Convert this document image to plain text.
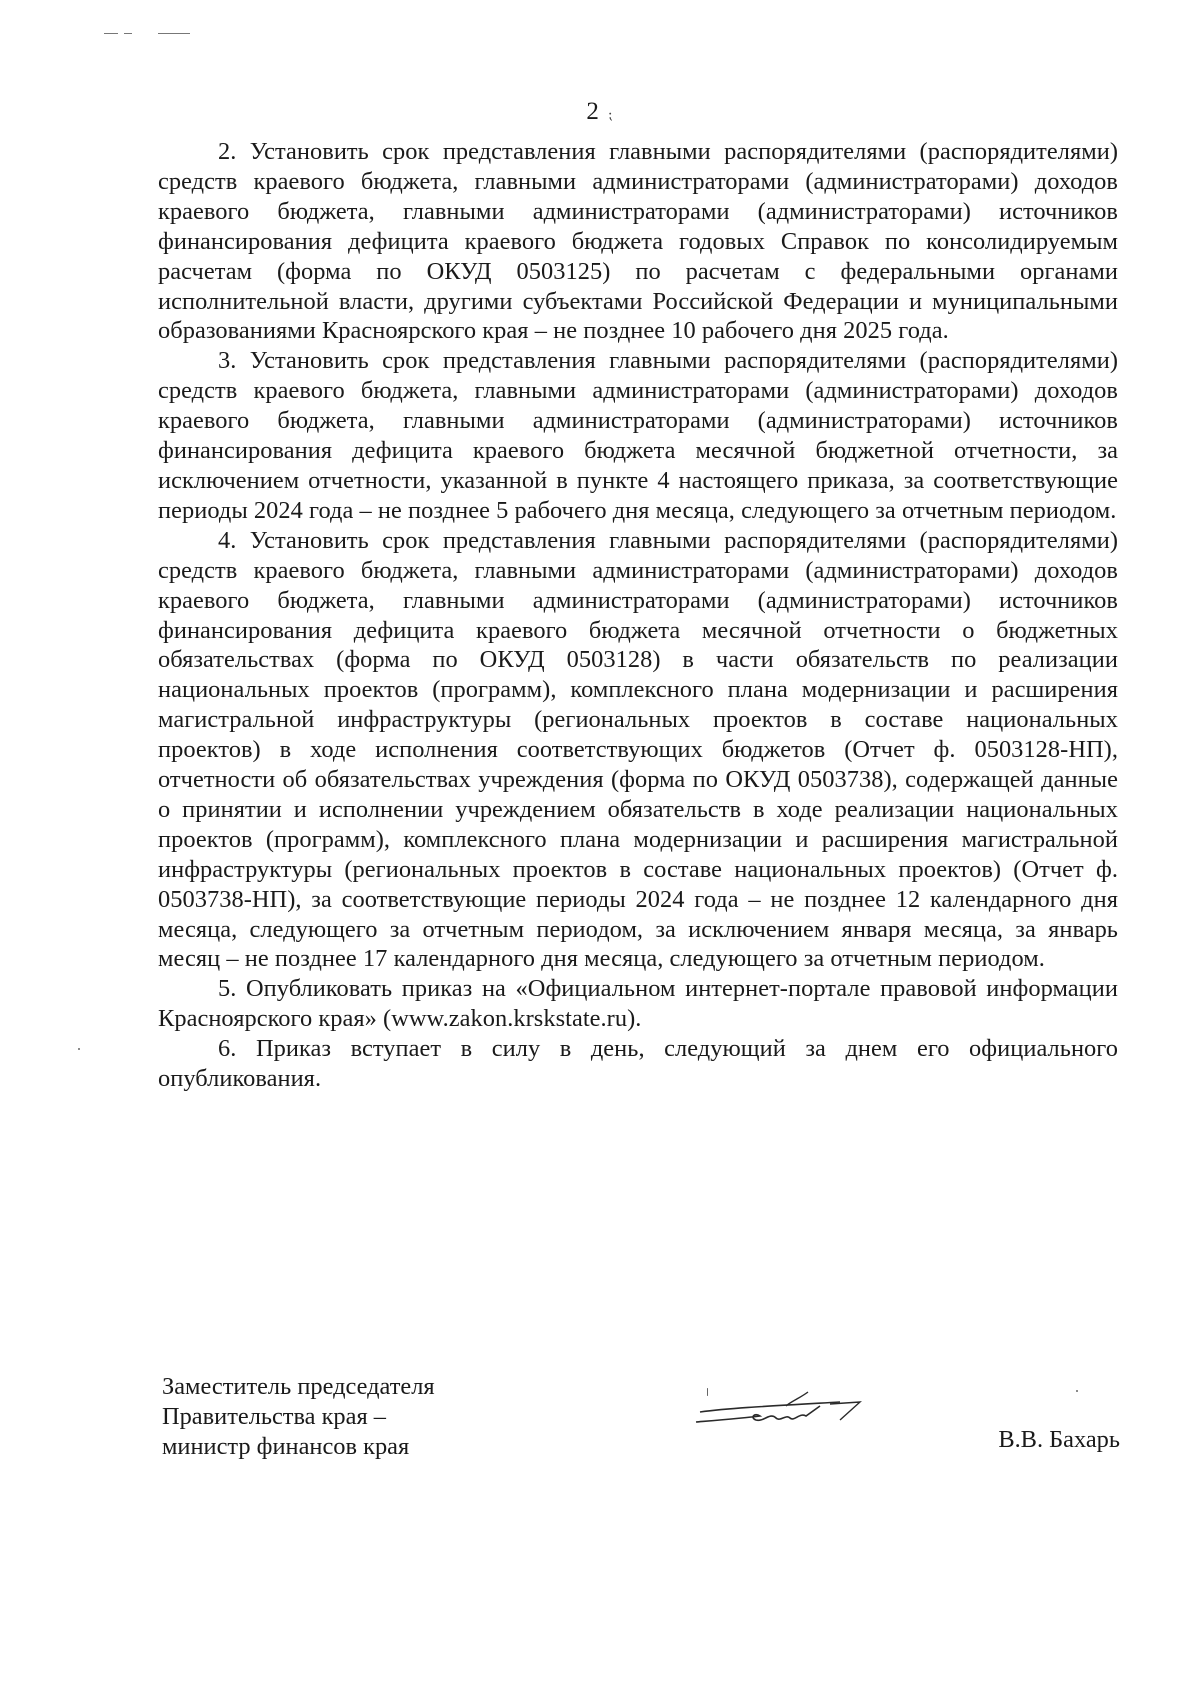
2 ⁏

2. Установить срок представления главными распорядителями (распорядителями) средств краевого бюджета, главными администраторами (администраторами) доходов краевого бюджета, главными администраторами (администраторами) источников финансирования дефицита краевого бюджета годовых Справок по консолидируемым расчетам (форма по ОКУД 0503125) по расчетам с федеральными органами исполнительной власти, другими субъектами Российской Федерации и муниципальными образованиями Красноярского края – не позднее 10 рабочего дня 2025 года.

3. Установить срок представления главными распорядителями (распорядителями) средств краевого бюджета, главными администраторами (администраторами) доходов краевого бюджета, главными администраторами (администраторами) источников финансирования дефицита краевого бюджета месячной бюджетной отчетности, за исключением отчетности, указанной в пункте 4 настоящего приказа, за соответствующие периоды 2024 года – не позднее 5 рабочего дня месяца, следующего за отчетным периодом.

4. Установить срок представления главными распорядителями (распорядителями) средств краевого бюджета, главными администраторами (администраторами) доходов краевого бюджета, главными администраторами (администраторами) источников финансирования дефицита краевого бюджета месячной отчетности о бюджетных обязательствах (форма по ОКУД 0503128) в части обязательств по реализации национальных проектов (программ), комплексного плана модернизации и расширения магистральной инфраструктуры (региональных проектов в составе национальных проектов) в ходе исполнения соответствующих бюджетов (Отчет ф. 0503128-НП), отчетности об обязательствах учреждения (форма по ОКУД 0503738), содержащей данные о принятии и исполнении учреждением обязательств в ходе реализации национальных проектов (программ), комплексного плана модернизации и расширения магистральной инфраструктуры (региональных проектов в составе национальных проектов) (Отчет ф. 0503738-НП), за соответствующие периоды 2024 года – не позднее 12 календарного дня месяца, следующего за отчетным периодом, за исключением января месяца, за январь месяц – не позднее 17 календарного дня месяца, следующего за отчетным периодом.

5. Опубликовать приказ на «Официальном интернет-портале правовой информации Красноярского края» (www.zakon.krskstate.ru).

6. Приказ вступает в силу в день, следующий за днем его официального опубликования.

Заместитель председателя
Правительства края –
министр финансов края	В.В. Бахарь
